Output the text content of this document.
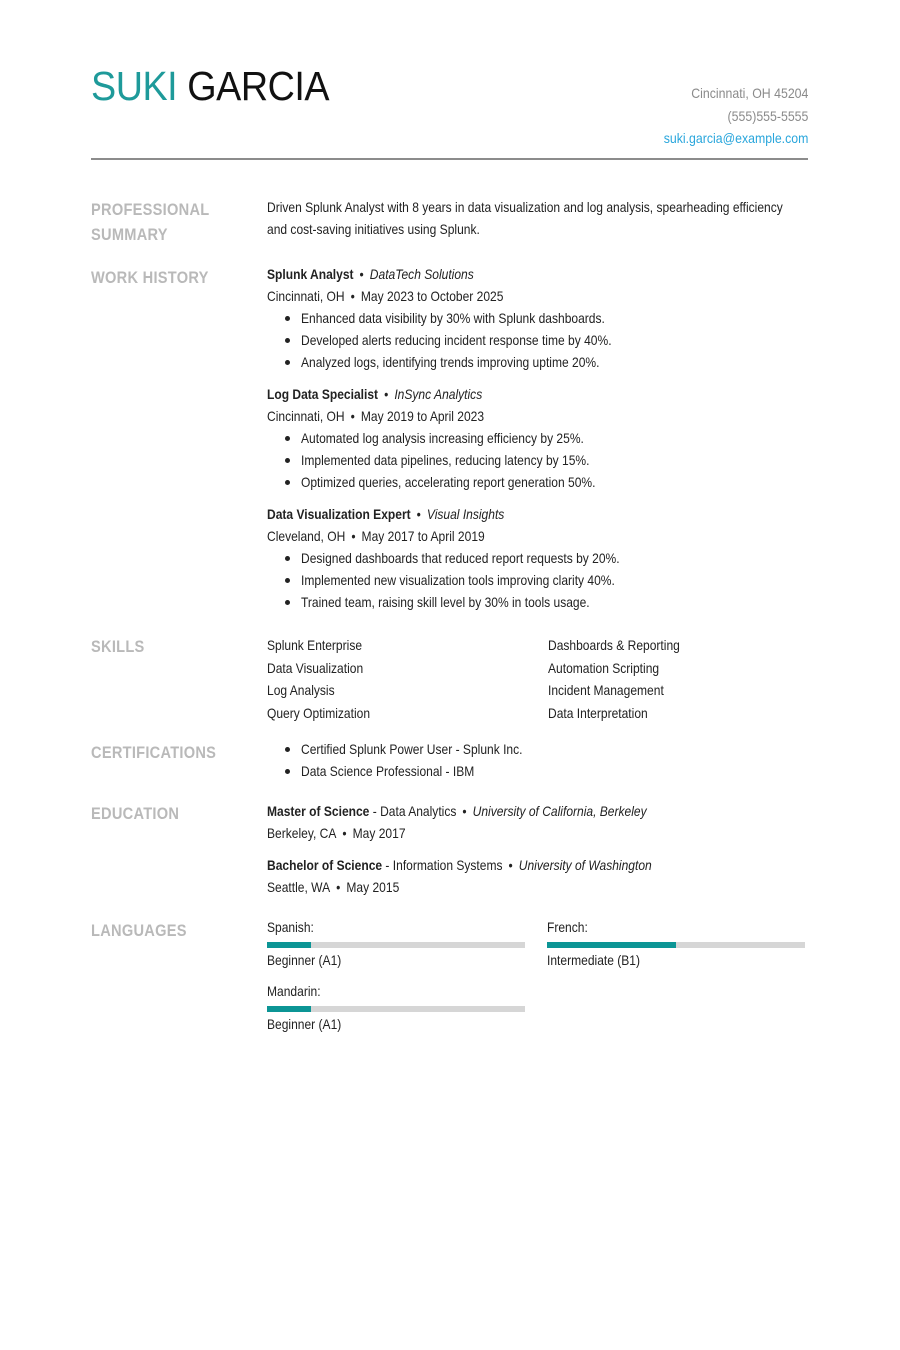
SUKI GARCIA	Cincinnati, OH 45204
(555)555-5555
suki.garcia@example.com
PROFESSIONAL
SUMMARY
Driven Splunk Analyst with 8 years in data visualization and log analysis, spearheading efficiency and cost-saving initiatives using Splunk.
WORK HISTORY	Splunk Analyst • DataTech Solutions
Cincinnati, OH • May 2023 to October 2025
Enhanced data visibility by 30% with Splunk dashboards.
Developed alerts reducing incident response time by 40%.
Analyzed logs, identifying trends improving uptime 20%.
Log Data Specialist • InSync Analytics
Cincinnati, OH • May 2019 to April 2023
Automated log analysis increasing efficiency by 25%.
Implemented data pipelines, reducing latency by 15%.
Optimized queries, accelerating report generation 50%.
Data Visualization Expert • Visual Insights
Cleveland, OH • May 2017 to April 2019
Designed dashboards that reduced report requests by 20%.
Implemented new visualization tools improving clarity 40%.
Trained team, raising skill level by 30% in tools usage.
SKILLS	Splunk Enterprise	Dashboards & Reporting
Data Visualization	Automation Scripting
Log Analysis	Incident Management
Query Optimization	Data Interpretation
CERTIFICATIONS	Certified Splunk Power User - Splunk Inc.
Data Science Professional - IBM
EDUCATION	Master of Science - Data Analytics • University of California, Berkeley
Berkeley, CA • May 2017
Bachelor of Science - Information Systems • University of Washington
Seattle, WA • May 2015
LANGUAGES	Spanish:
Beginner (A1)
French:
Intermediate (B1)
Mandarin:
Beginner (A1)
